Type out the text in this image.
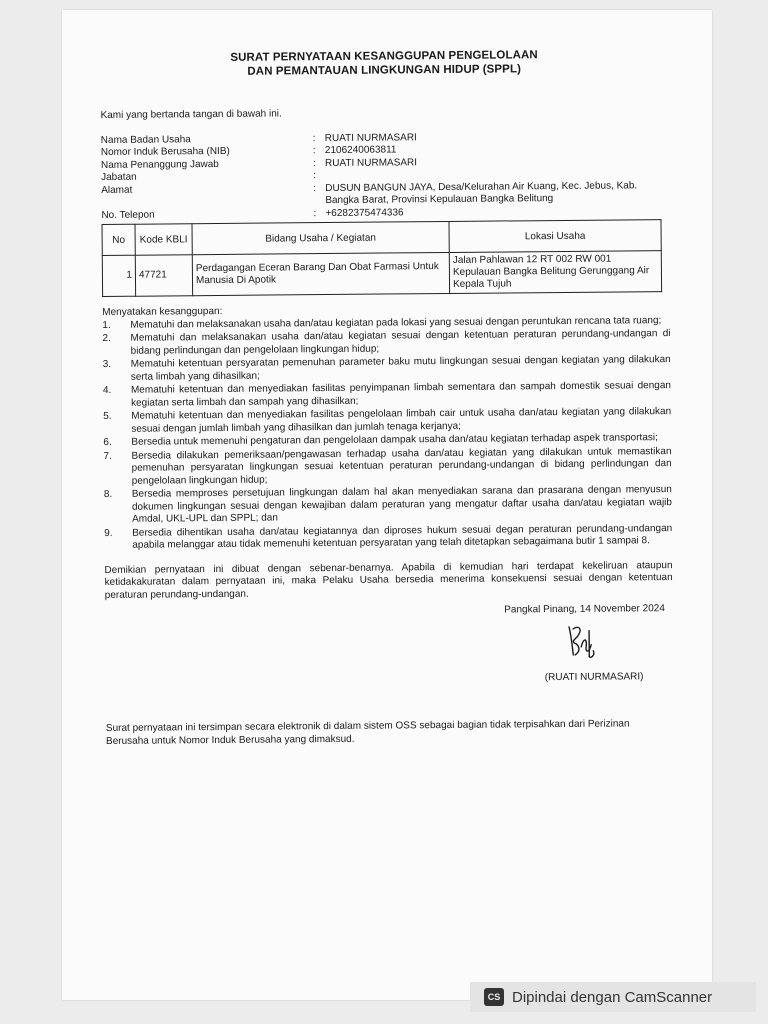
SURAT PERNYATAAN KESANGGUPAN PENGELOLAAN
DAN PEMANTAUAN LINGKUNGAN HIDUP (SPPL)
Kami yang bertanda tangan di bawah ini.
Nama Badan Usaha	: RUATI NURMASARI
Nomor Induk Berusaha (NIB)	: 2106240063811
Nama Penanggung Jawab	: RUATI NURMASARI
Jabatan	:
Alamat	: DUSUN BANGUN JAYA, Desa/Kelurahan Air Kuang, Kec. Jebus, Kab. Bangka Barat, Provinsi Kepulauan Bangka Belitung
No. Telepon	: +6282375474336
No	Kode KBLI	Bidang Usaha / Kegiatan	Lokasi Usaha
1	47721	Perdagangan Eceran Barang Dan Obat Farmasi Untuk Manusia Di Apotik	Jalan Pahlawan 12 RT 002 RW 001 Kepulauan Bangka Belitung Gerunggang Air Kepala Tujuh
Menyatakan kesanggupan:
1.	Mematuhi dan melaksanakan usaha dan/atau kegiatan pada lokasi yang sesuai dengan peruntukan rencana tata ruang;
2.	Mematuhi dan melaksanakan usaha dan/atau kegiatan sesuai dengan ketentuan peraturan perundang-undangan di bidang perlindungan dan pengelolaan lingkungan hidup;
3.	Mematuhi ketentuan persyaratan pemenuhan parameter baku mutu lingkungan sesuai dengan kegiatan yang dilakukan serta limbah yang dihasilkan;
4.	Mematuhi ketentuan dan menyediakan fasilitas penyimpanan limbah sementara dan sampah domestik sesuai dengan kegiatan serta limbah dan sampah yang dihasilkan;
5.	Mematuhi ketentuan dan menyediakan fasilitas pengelolaan limbah cair untuk usaha dan/atau kegiatan yang dilakukan sesuai dengan jumlah limbah yang dihasilkan dan jumlah tenaga kerjanya;
6.	Bersedia untuk memenuhi pengaturan dan pengelolaan dampak usaha dan/atau kegiatan terhadap aspek transportasi;
7.	Bersedia dilakukan pemeriksaan/pengawasan terhadap usaha dan/atau kegiatan yang dilakukan untuk memastikan pemenuhan persyaratan lingkungan sesuai ketentuan peraturan perundang-undangan di bidang perlindungan dan pengelolaan lingkungan hidup;
8.	Bersedia memproses persetujuan lingkungan dalam hal akan menyediakan sarana dan prasarana dengan menyusun dokumen lingkungan sesuai dengan kewajiban dalam peraturan yang mengatur daftar usaha dan/atau kegiatan wajib Amdal, UKL-UPL dan SPPL; dan
9.	Bersedia dihentikan usaha dan/atau kegiatannya dan diproses hukum sesuai degan peraturan perundang-undangan apabila melanggar atau tidak memenuhi ketentuan persyaratan yang telah ditetapkan sebagaimana butir 1 sampai 8.
Demikian pernyataan ini dibuat dengan sebenar-benarnya. Apabila di kemudian hari terdapat kekeliruan ataupun ketidakakuratan dalam pernyataan ini, maka Pelaku Usaha bersedia menerima konsekuensi sesuai dengan ketentuan peraturan perundang-undangan.
Pangkal Pinang, 14 November 2024
(RUATI NURMASARI)
Surat pernyataan ini tersimpan secara elektronik di dalam sistem OSS sebagai bagian tidak terpisahkan dari Perizinan Berusaha untuk Nomor Induk Berusaha yang dimaksud.
CS Dipindai dengan CamScanner
